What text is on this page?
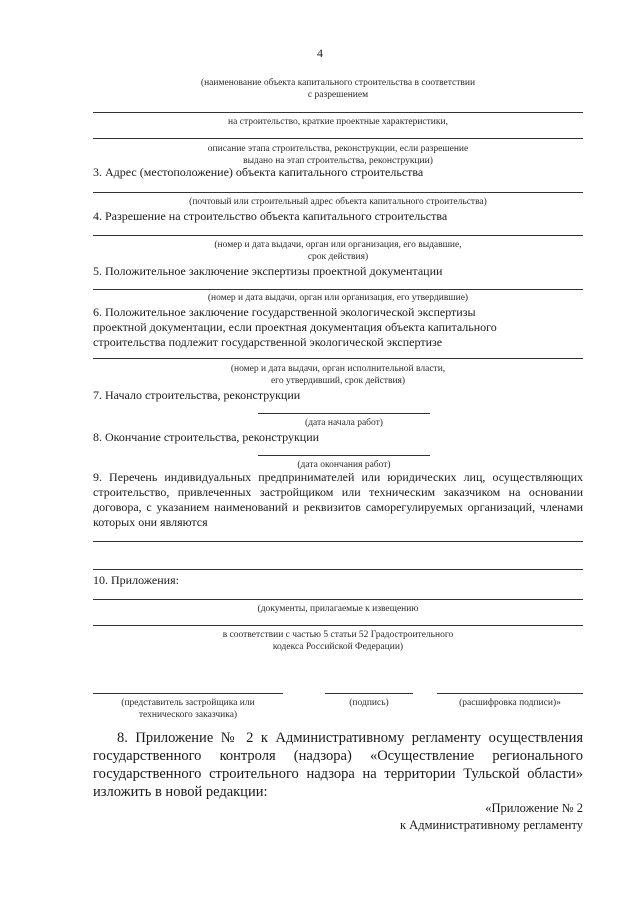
4
(наименование объекта капитального строительства в соответствии
с разрешением
на строительство, краткие проектные характеристики,
описание этапа строительства, реконструкции, если разрешение
выдано на этап строительства, реконструкции)
3. Адрес (местоположение) объекта капитального строительства
(почтовый или строительный адрес объекта капитального строительства)
4. Разрешение на строительство объекта капитального строительства
(номер и дата выдачи, орган или организация, его выдавшие,
срок действия)
5. Положительное заключение экспертизы проектной документации
(номер и дата выдачи, орган или организация, его утвердившие)
6. Положительное заключение государственной экологической экспертизы
проектной документации, если проектная документация объекта капитального
строительства подлежит государственной экологической экспертизе
(номер и дата выдачи, орган исполнительной власти,
его утвердивший, срок действия)
7. Начало строительства, реконструкции
(дата начала работ)
8. Окончание строительства, реконструкции
(дата окончания работ)
9. Перечень индивидуальных предпринимателей или юридических лиц, осуществляющих строительство, привлеченных застройщиком или техническим заказчиком на основании договора, с указанием наименований и реквизитов саморегулируемых организаций, членами которых они являются
10. Приложения:
(документы, прилагаемые к извещению
в соответствии с частью 5 статьи 52 Градостроительного
кодекса Российской Федерации)
(представитель застройщика или
технического заказчика)
(подпись)	(расшифровка подписи)»
8. Приложение № 2 к Административному регламенту осуществления государственного контроля (надзора) «Осуществление регионального государственного строительного надзора на территории Тульской области» изложить в новой редакции:
«Приложение № 2
к Административному регламенту
